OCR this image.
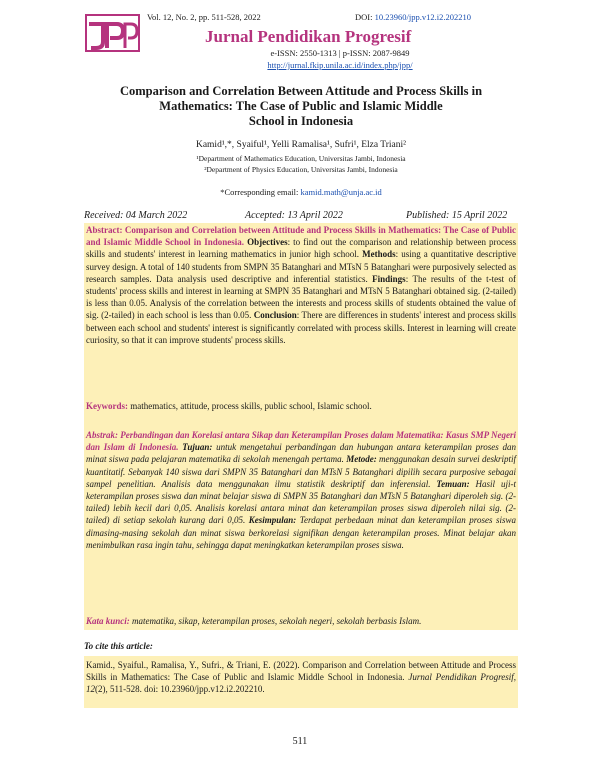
Vol. 12, No. 2, pp. 511-528, 2022	DOI: 10.23960/jpp.v12.i2.202210
Jurnal Pendidikan Progresif
e-ISSN: 2550-1313 | p-ISSN: 2087-9849
http://jurnal.fkip.unila.ac.id/index.php/jpp/
Comparison and Correlation Between Attitude and Process Skills in
Mathematics: The Case of Public and Islamic Middle
School in Indonesia
Kamid¹,*, Syaiful¹, Yelli Ramalisa¹, Sufri¹, Elza Triani²
¹Department of Mathematics Education, Universitas Jambi, Indonesia
²Department of Physics Education, Universitas Jambi, Indonesia
*Corresponding email: kamid.math@unja.ac.id
Received: 04 March 2022	Accepted: 13 April 2022	Published: 15 April 2022
Abstract: Comparison and Correlation between Attitude and Process Skills in Mathematics: The Case of Public and Islamic Middle School in Indonesia. Objectives: to find out the comparison and relationship between process skills and students' interest in learning mathematics in junior high school. Methods: using a quantitative descriptive survey design. A total of 140 students from SMPN 35 Batanghari and MTsN 5 Batanghari were purposively selected as research samples. Data analysis used descriptive and inferential statistics. Findings: The results of the t-test of students' process skills and interest in learning at SMPN 35 Batanghari and MTsN 5 Batanghari obtained sig. (2-tailed) is less than 0.05. Analysis of the correlation between the interests and process skills of students obtained the value of sig. (2-tailed) in each school is less than 0.05. Conclusion: There are differences in students' interest and process skills between each school and students' interest is significantly correlated with process skills. Interest in learning will create curiosity, so that it can improve students' process skills.
Keywords: mathematics, attitude, process skills, public school, Islamic school.
Abstrak: Perbandingan dan Korelasi antara Sikap dan Keterampilan Proses dalam Matematika: Kasus SMP Negeri dan Islam di Indonesia. Tujuan: untuk mengetahui perbandingan dan hubungan antara keterampilan proses dan minat siswa pada pelajaran matematika di sekolah menengah pertama. Metode: menggunakan desain survei deskriptif kuantitatif. Sebanyak 140 siswa dari SMPN 35 Batanghari dan MTsN 5 Batanghari dipilih secara purposive sebagai sampel penelitian. Analisis data menggunakan ilmu statistik deskriptif dan inferensial. Temuan: Hasil uji-t keterampilan proses siswa dan minat belajar siswa di SMPN 35 Batanghari dan MTsN 5 Batanghari diperoleh sig. (2-tailed) lebih kecil dari 0,05. Analisis korelasi antara minat dan keterampilan proses siswa diperoleh nilai sig. (2-tailed) di setiap sekolah kurang dari 0,05. Kesimpulan: Terdapat perbedaan minat dan keterampilan proses siswa dimasing-masing sekolah dan minat siswa berkorelasi signifikan dengan keterampilan proses. Minat belajar akan menimbulkan rasa ingin tahu, sehingga dapat meningkatkan keterampilan proses siswa.
Kata kunci: matematika, sikap, keterampilan proses, sekolah negeri, sekolah berbasis Islam.
To cite this article:
Kamid., Syaiful., Ramalisa, Y., Sufri., & Triani, E. (2022). Comparison and Correlation between Attitude and Process Skills in Mathematics: The Case of Public and Islamic Middle School in Indonesia. Jurnal Pendidikan Progresif, 12(2), 511-528. doi: 10.23960/jpp.v12.i2.202210.
511
